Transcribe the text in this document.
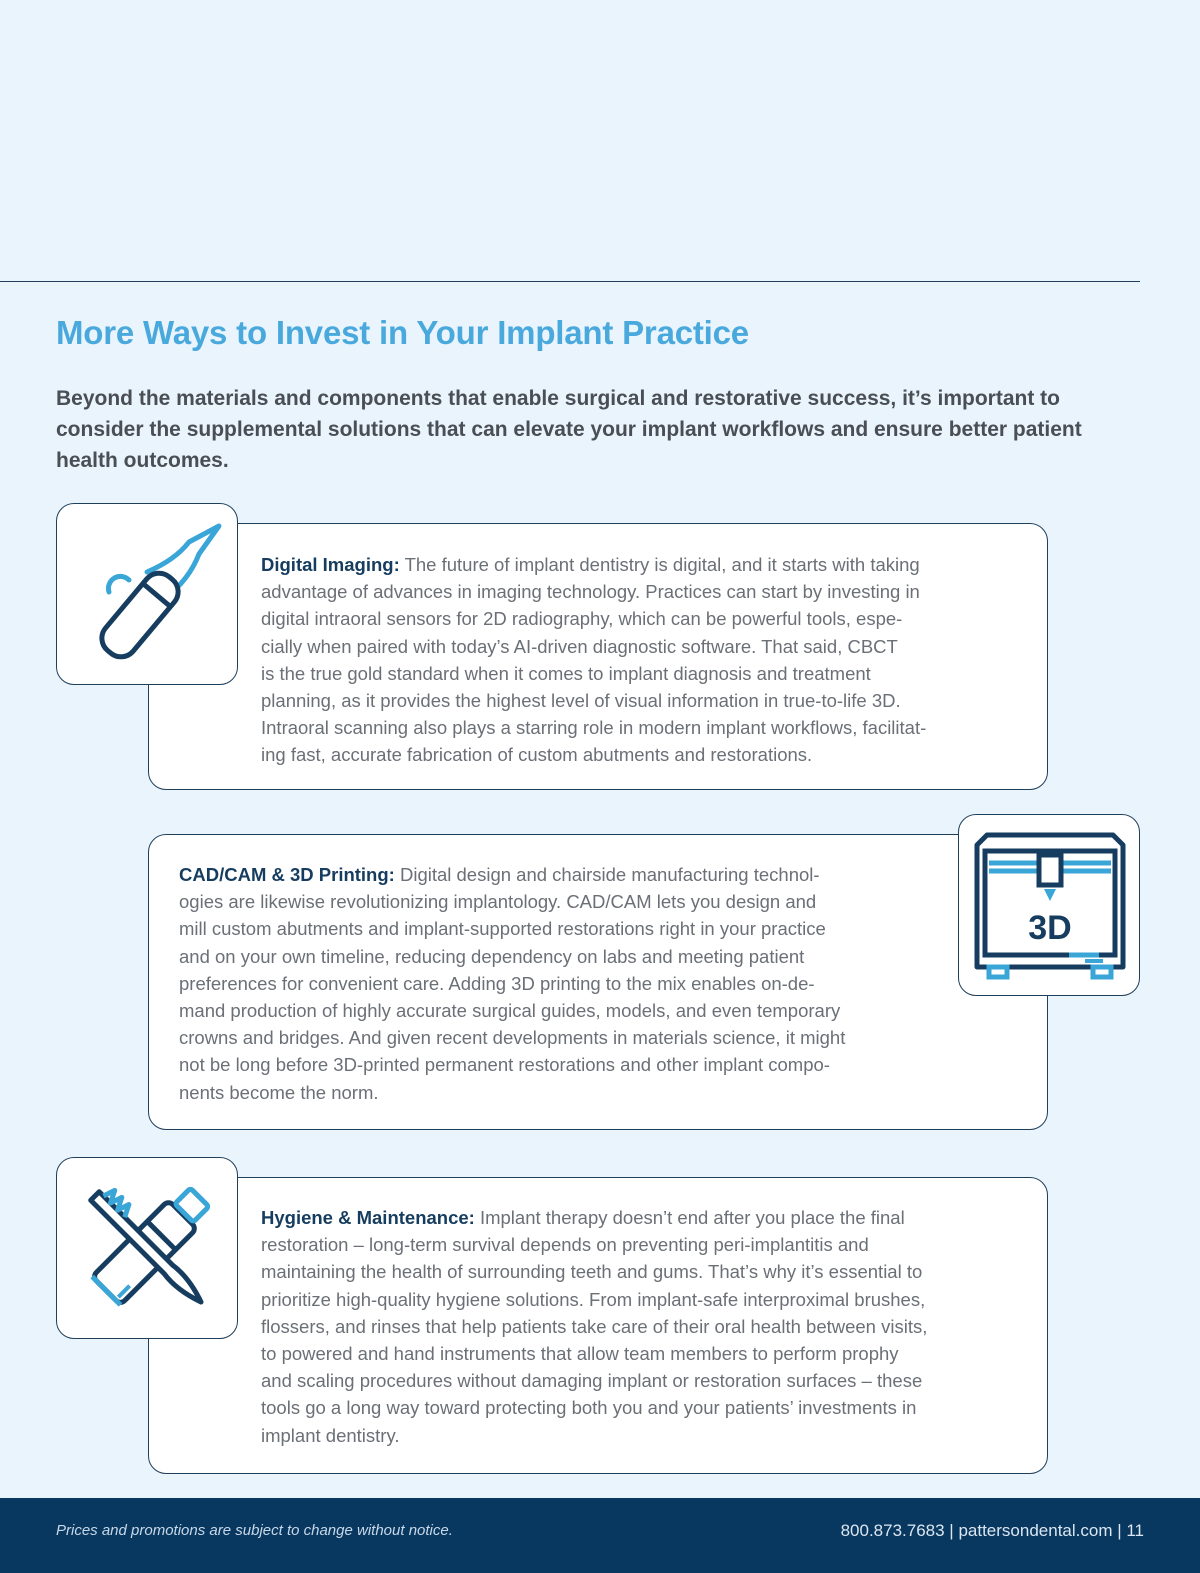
More Ways to Invest in Your Implant Practice

Beyond the materials and components that enable surgical and restorative success, it’s important to consider the supplemental solutions that can elevate your implant workflows and ensure better patient health outcomes.

Digital Imaging: The future of implant dentistry is digital, and it starts with taking
advantage of advances in imaging technology. Practices can start by investing in
digital intraoral sensors for 2D radiography, which can be powerful tools, espe-
cially when paired with today’s AI-driven diagnostic software. That said, CBCT
is the true gold standard when it comes to implant diagnosis and treatment
planning, as it provides the highest level of visual information in true-to-life 3D.
Intraoral scanning also plays a starring role in modern implant workflows, facilitat-
ing fast, accurate fabrication of custom abutments and restorations.

CAD/CAM & 3D Printing: Digital design and chairside manufacturing technol-
ogies are likewise revolutionizing implantology. CAD/CAM lets you design and
mill custom abutments and implant-supported restorations right in your practice
and on your own timeline, reducing dependency on labs and meeting patient
preferences for convenient care. Adding 3D printing to the mix enables on-de-
mand production of highly accurate surgical guides, models, and even temporary
crowns and bridges. And given recent developments in materials science, it might
not be long before 3D-printed permanent restorations and other implant compo-
nents become the norm.

3D

Hygiene & Maintenance: Implant therapy doesn’t end after you place the final
restoration – long-term survival depends on preventing peri-implantitis and
maintaining the health of surrounding teeth and gums. That’s why it’s essential to
prioritize high-quality hygiene solutions. From implant-safe interproximal brushes,
flossers, and rinses that help patients take care of their oral health between visits,
to powered and hand instruments that allow team members to perform prophy
and scaling procedures without damaging implant or restoration surfaces – these
tools go a long way toward protecting both you and your patients’ investments in
implant dentistry.

Prices and promotions are subject to change without notice.	800.873.7683 | pattersondental.com | 11
